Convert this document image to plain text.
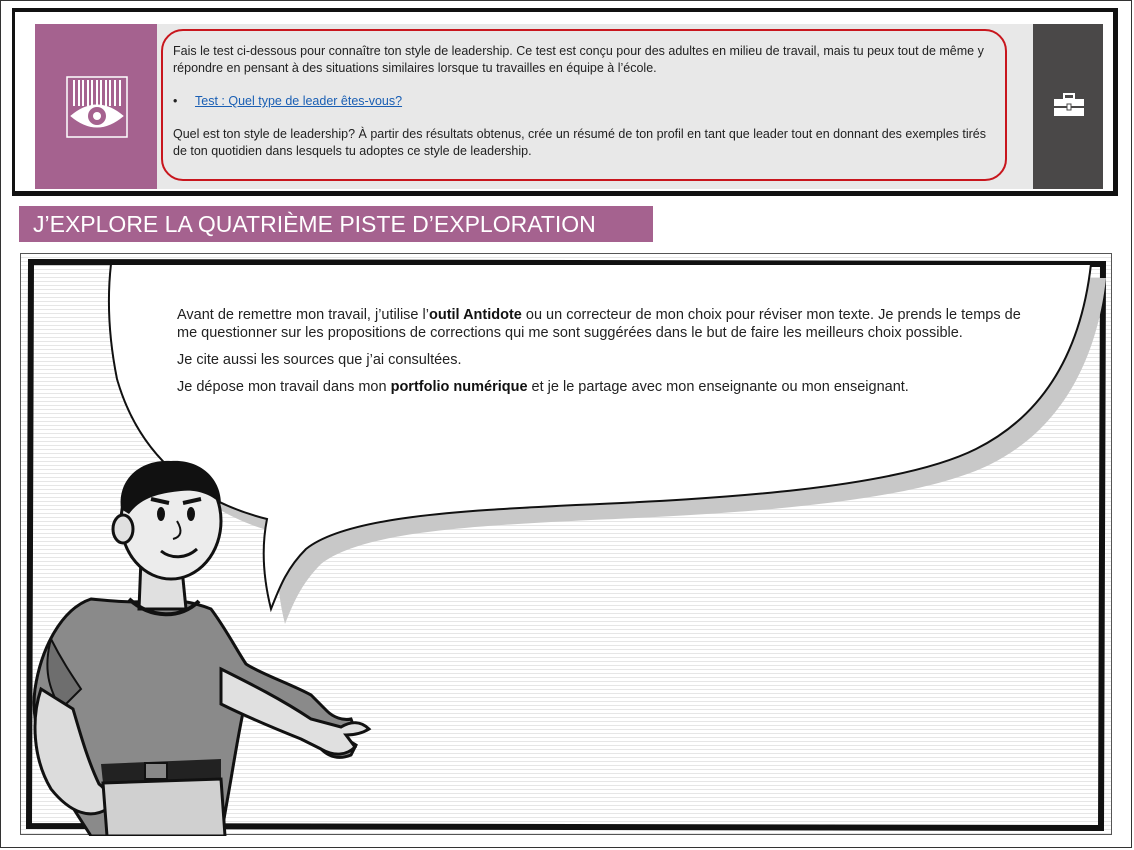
Fais le test ci-dessous pour connaître ton style de leadership. Ce test est conçu pour des adultes en milieu de travail, mais tu peux tout de même y répondre en pensant à des situations similaires lorsque tu travailles en équipe à l’école.

•	Test : Quel type de leader êtes-vous?

Quel est ton style de leadership? À partir des résultats obtenus, crée un résumé de ton profil en tant que leader tout en donnant des exemples tirés de ton quotidien dans lesquels tu adoptes ce style de leadership.

J’EXPLORE LA QUATRIÈME PISTE D’EXPLORATION

Avant de remettre mon travail, j’utilise l’outil Antidote ou un correcteur de mon choix pour réviser mon texte. Je prends le temps de me questionner sur les propositions de corrections qui me sont suggérées dans le but de faire les meilleurs choix possible.

Je cite aussi les sources que j’ai consultées.

Je dépose mon travail dans mon portfolio numérique et je le partage avec mon enseignante ou mon enseignant.
